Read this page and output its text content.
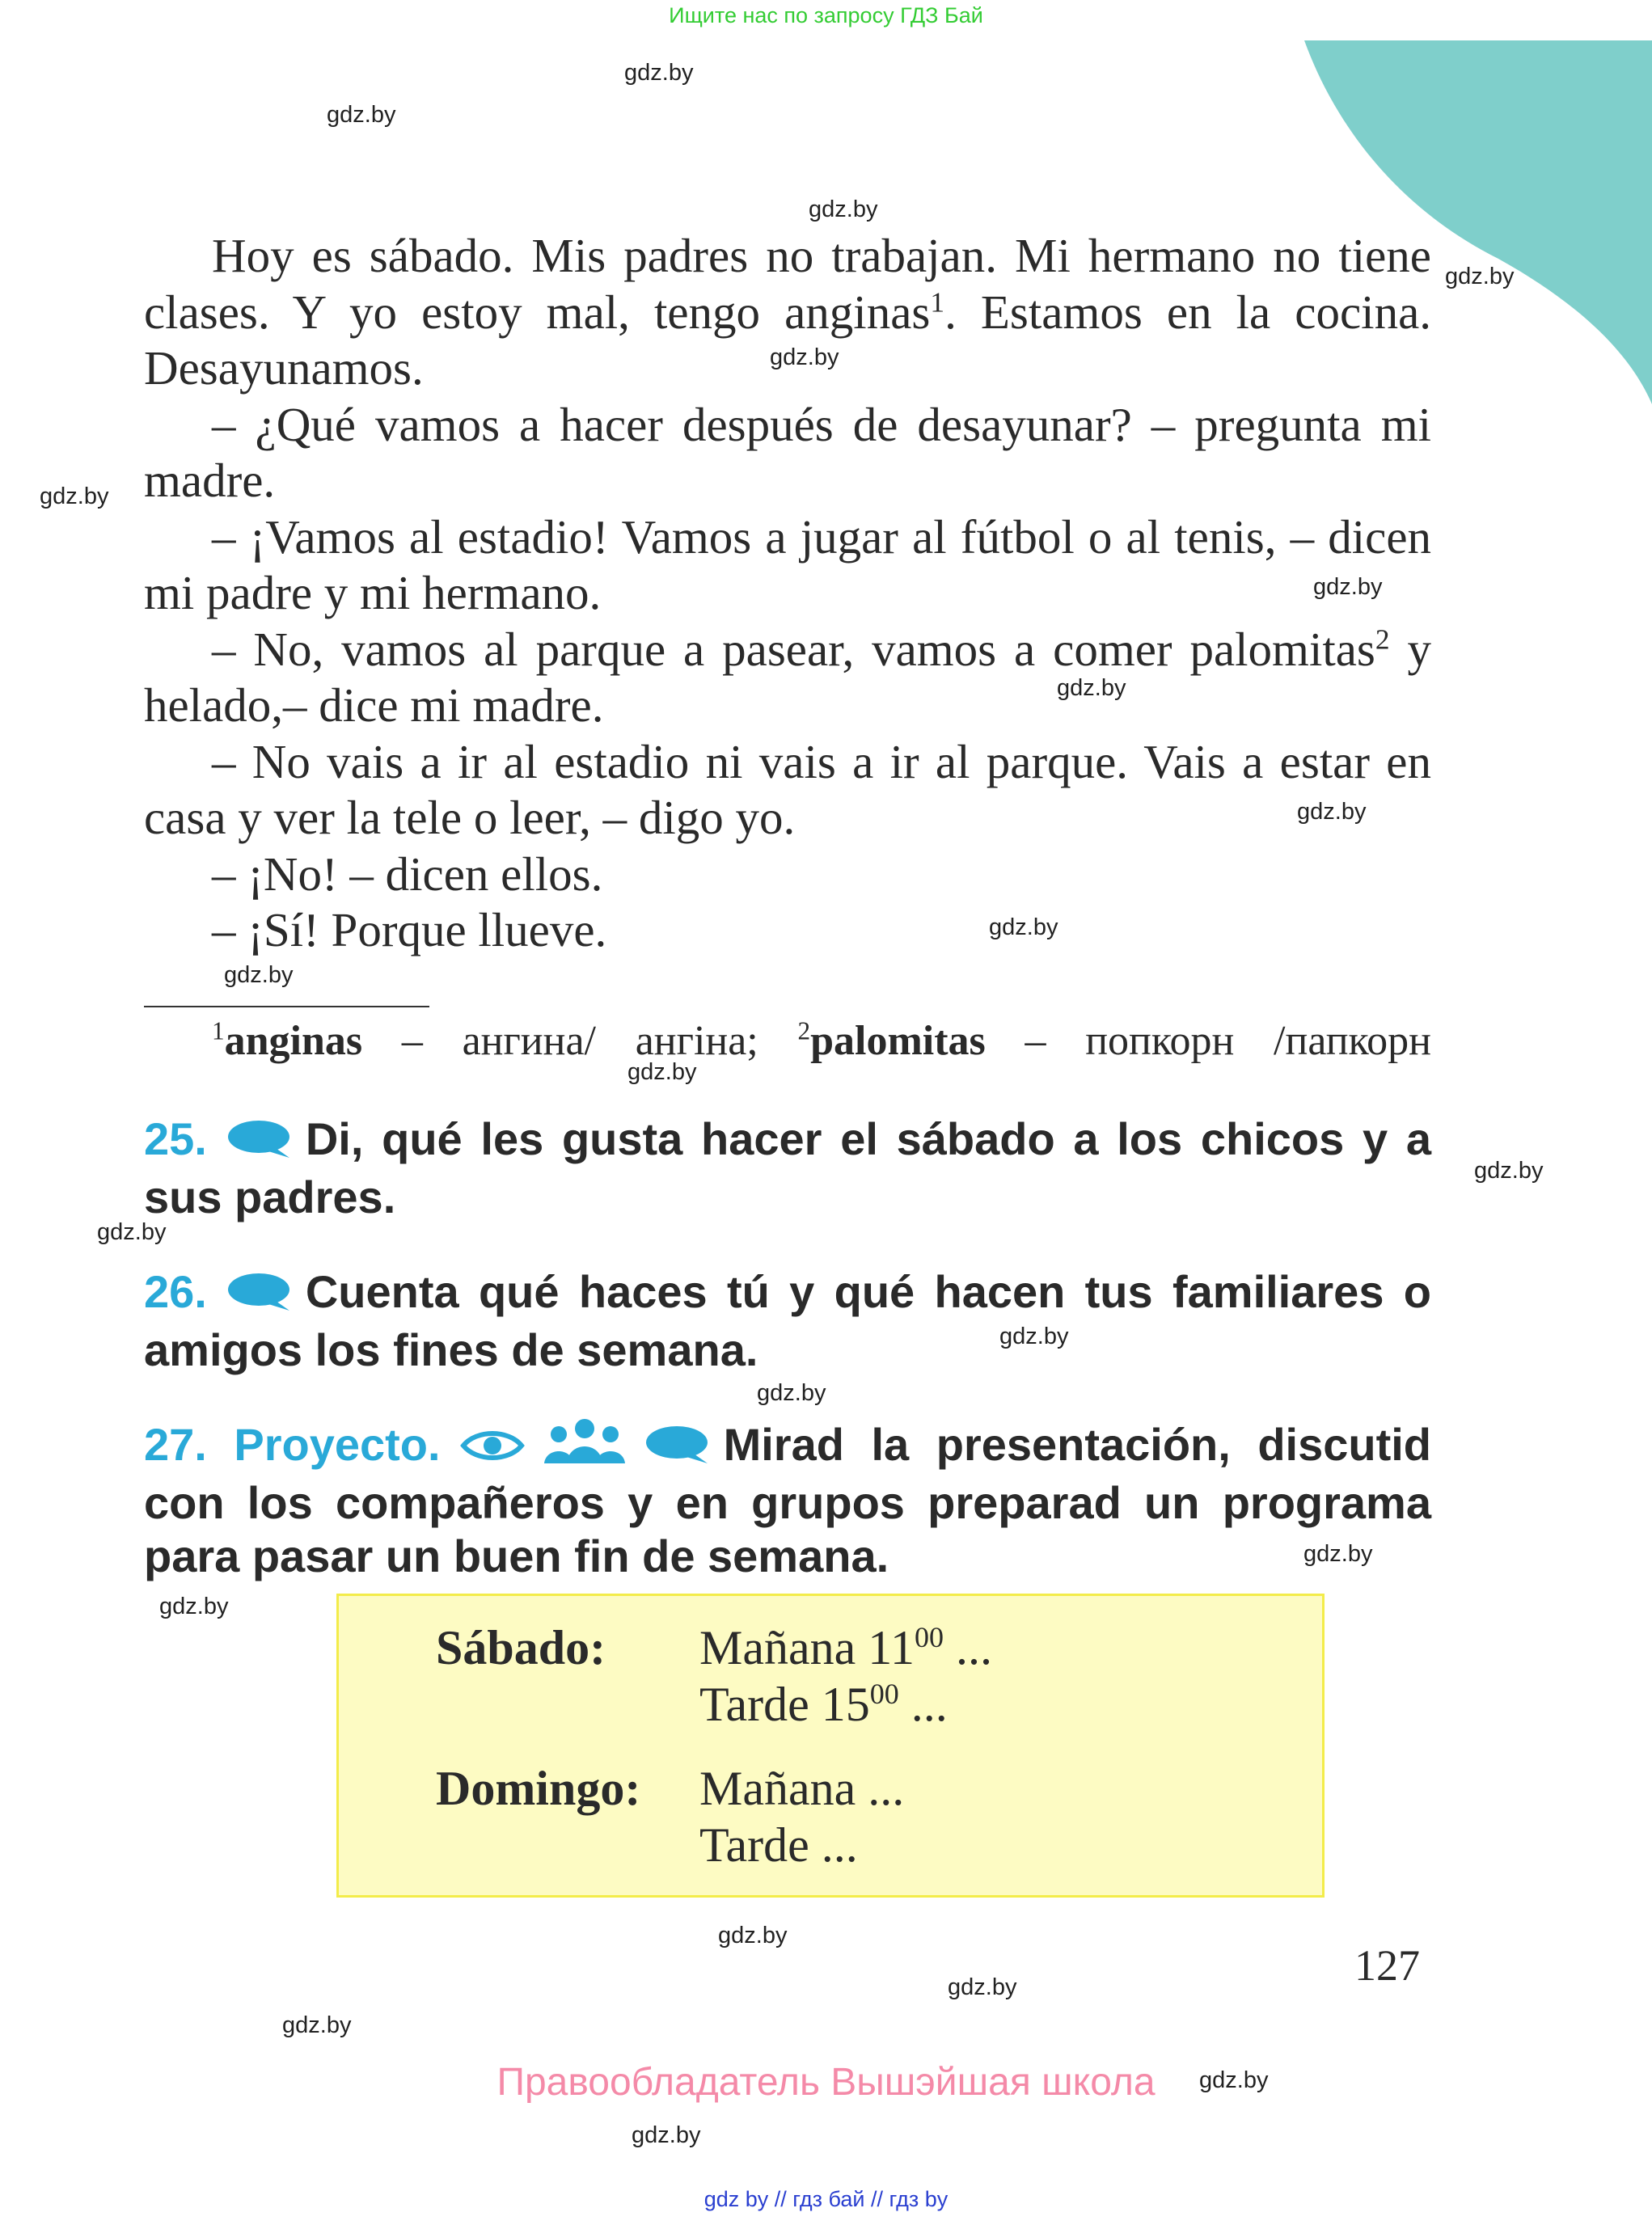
Ищите нас по запросу ГДЗ Бай
gdz.by
gdz.by
gdz.by
gdz.by
gdz.by
gdz.by
gdz.by
gdz.by
gdz.by
gdz.by
gdz.by
gdz.by
gdz.by
gdz.by
gdz.by
gdz.by
gdz.by
gdz.by
gdz.by
gdz.by
gdz.by
gdz.by
gdz.by

Hoy es sábado. Mis padres no trabajan. Mi hermano no tiene clases. Y yo estoy mal, tengo anginas$^1$. Estamos en la cocina. Desayunamos.

– ¿Qué vamos a hacer después de desayunar? – pregunta mi madre.

– ¡Vamos al estadio! Vamos a jugar al fútbol o al tenis, – dicen mi padre y mi hermano.

– No, vamos al parque a pasear, vamos a comer palomitas$^2$ y helado,– dice mi madre.

– No vais a ir al estadio ni vais a ir al parque. Vais a estar en casa y ver la tele o leer, – digo yo.

– ¡No! – dicen ellos.

– ¡Sí! Porque llueve.

$^1$anginas – ангина/ ангіна; $^2$palomitas – попкорн /папкорн
25. Di, qué les gusta hacer el sábado a los chicos y a sus padres.
26. Cuenta qué haces tú y qué hacen tus familiares o amigos los fines de semana.
27. Proyecto.	Mirad la presentación, discutid con los compañeros y en grupos preparad un programa para pasar un buen fin de semana.
Sábado: Mañana $11^{00}$ ...
Tarde $15^{00}$ ...
Domingo: Mañana ...
Tarde ...
127
Правообладатель Вышэйшая школа
gdz by // гдз бай // гдз by
